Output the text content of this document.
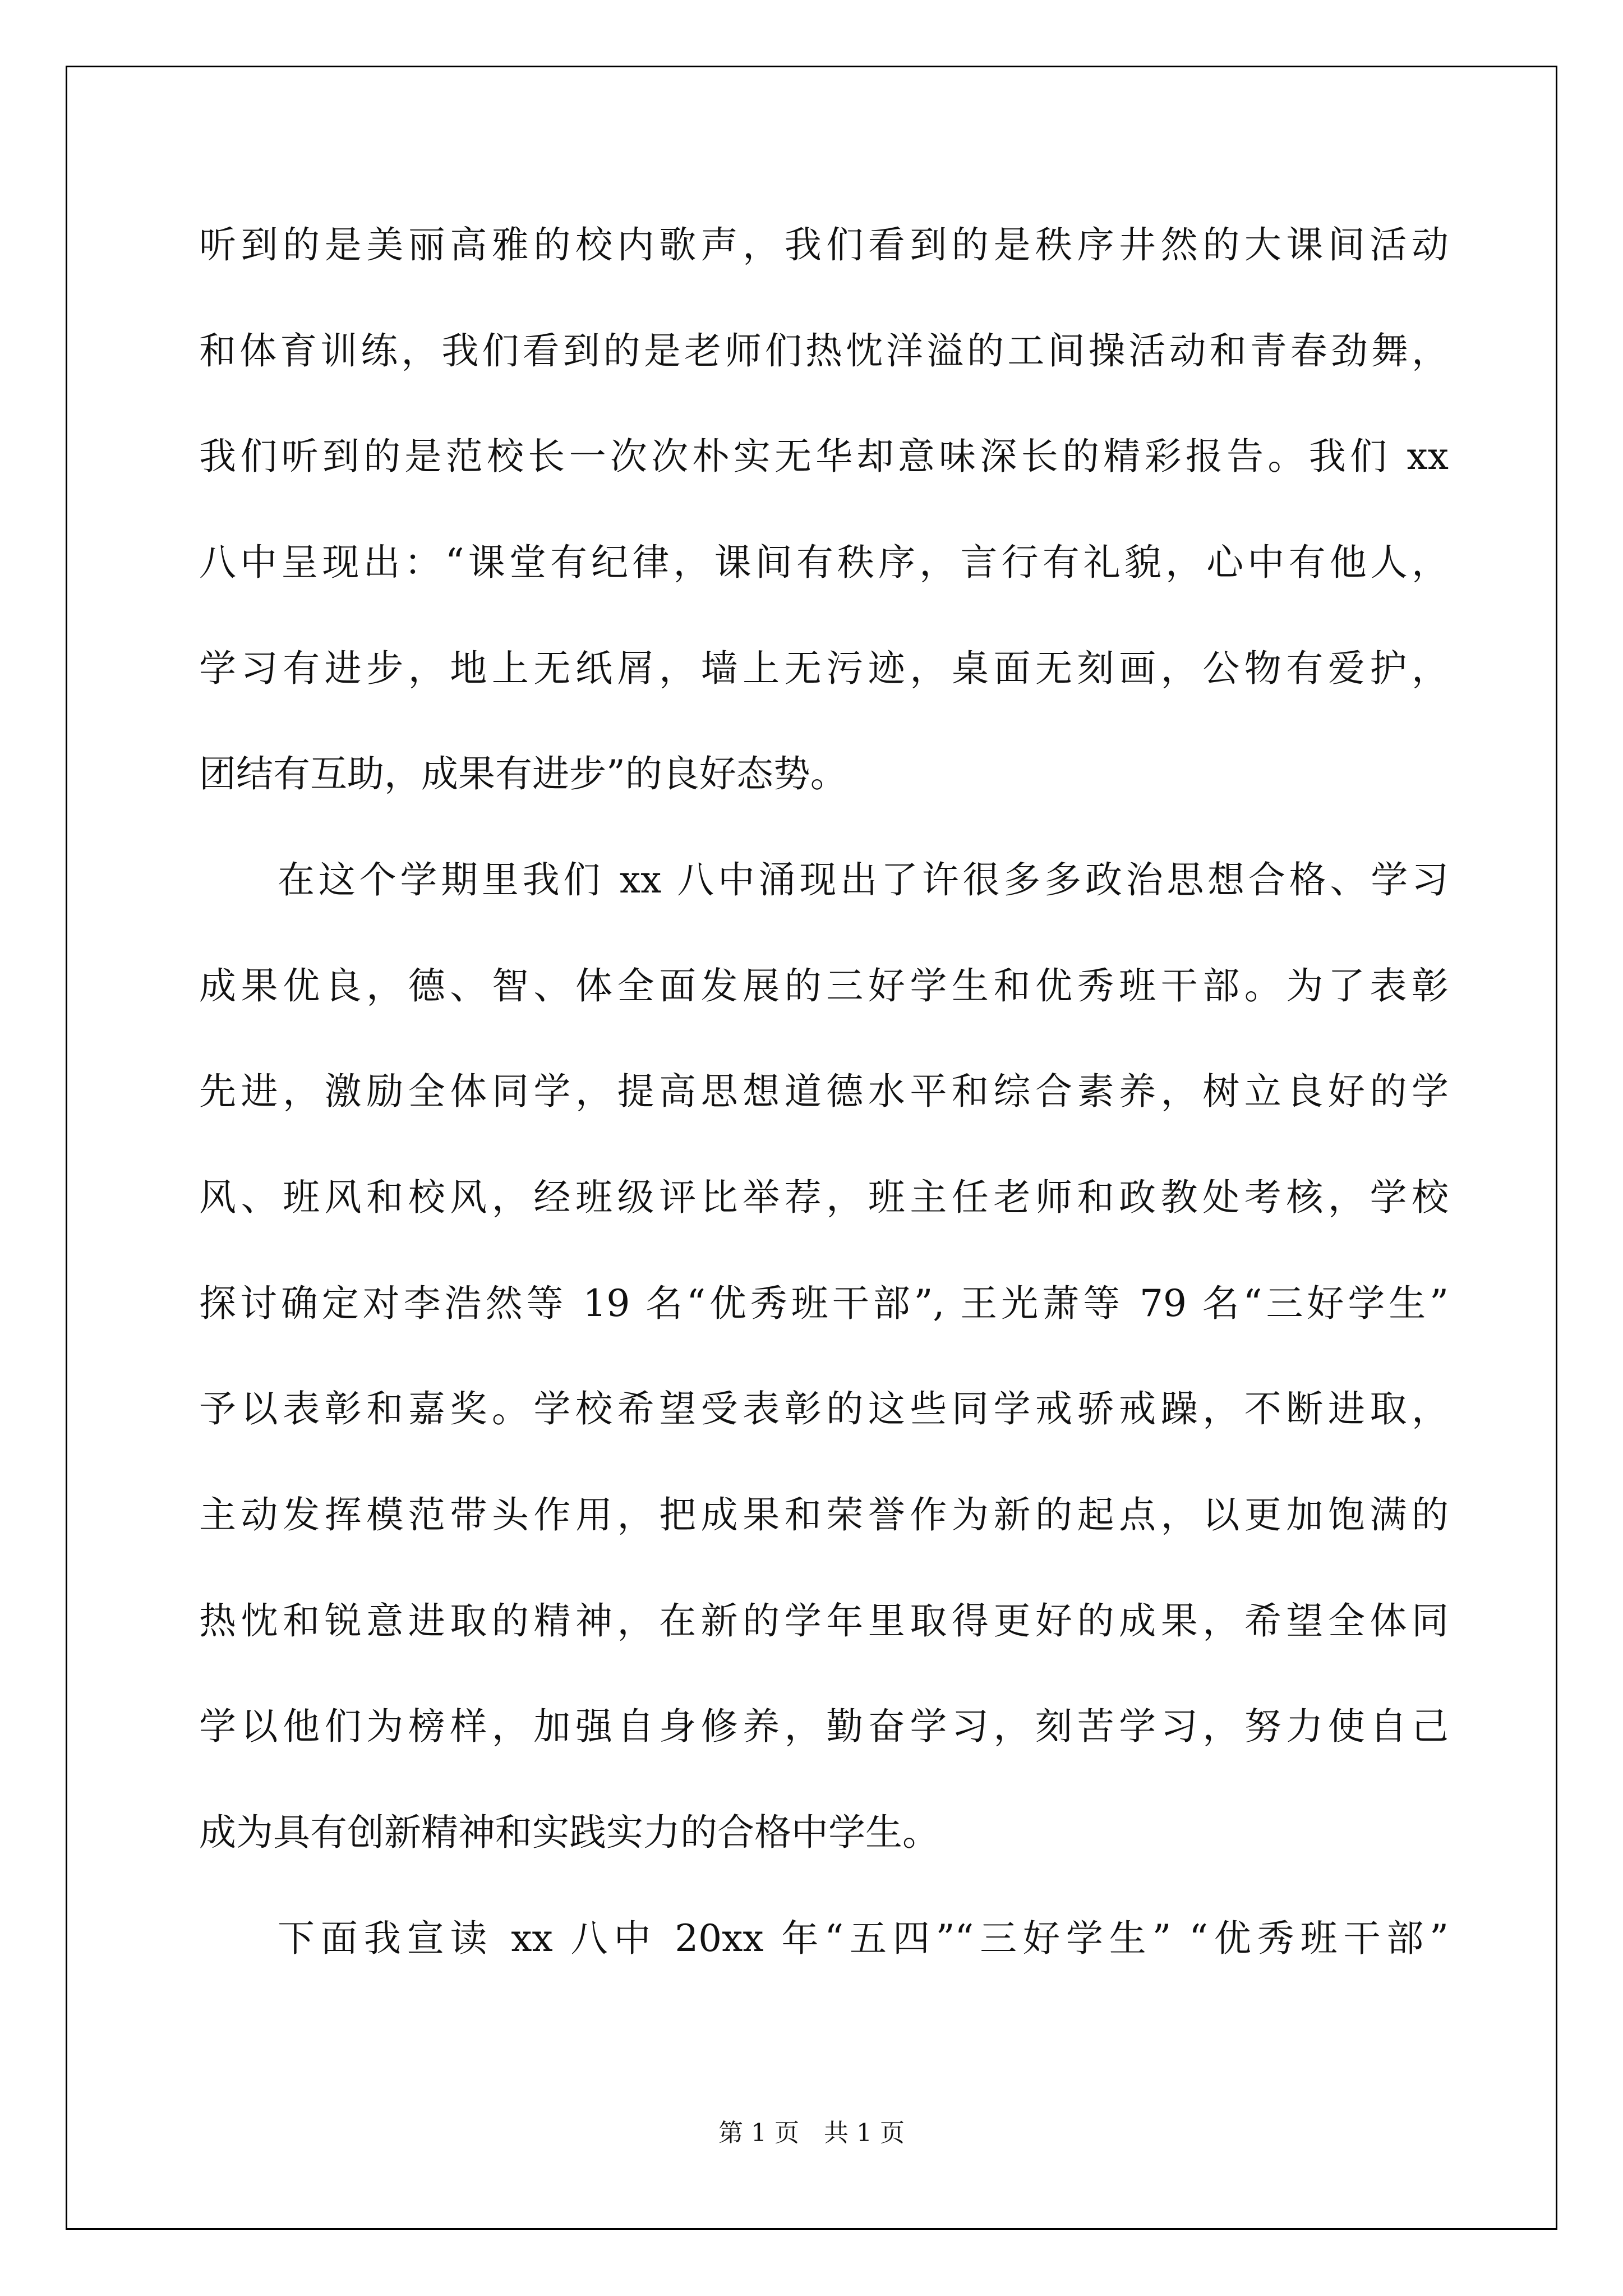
听到的是美丽高雅的校内歌声，我们看到的是秩序井然的大课间活动

和体育训练，我们看到的是老师们热忱洋溢的工间操活动和青春劲舞，

我们听到的是范校长一次次朴实无华却意味深长的精彩报告。我们 xx

八中呈现出：“课堂有纪律，课间有秩序，言行有礼貌，心中有他人，

学习有进步，地上无纸屑，墙上无污迹，桌面无刻画，公物有爱护，

团结有互助，成果有进步”的良好态势。

在这个学期里我们 xx 八中涌现出了许很多多政治思想合格、学习

成果优良，德、智、体全面发展的三好学生和优秀班干部。为了表彰

先进，激励全体同学，提高思想道德水平和综合素养，树立良好的学

风、班风和校风，经班级评比举荐，班主任老师和政教处考核，学校

探讨确定对李浩然等 19 名“优秀班干部”, 王光萧等 79 名“三好学生”

予以表彰和嘉奖。学校希望受表彰的这些同学戒骄戒躁，不断进取，

主动发挥模范带头作用，把成果和荣誉作为新的起点，以更加饱满的

热忱和锐意进取的精神，在新的学年里取得更好的成果，希望全体同

学以他们为榜样，加强自身修养，勤奋学习，刻苦学习，努力使自己

成为具有创新精神和实践实力的合格中学生。

下面我宣读 xx 八中 20xx 年“五四”“三好学生” “优秀班干部”

第 1 页　共 1 页
